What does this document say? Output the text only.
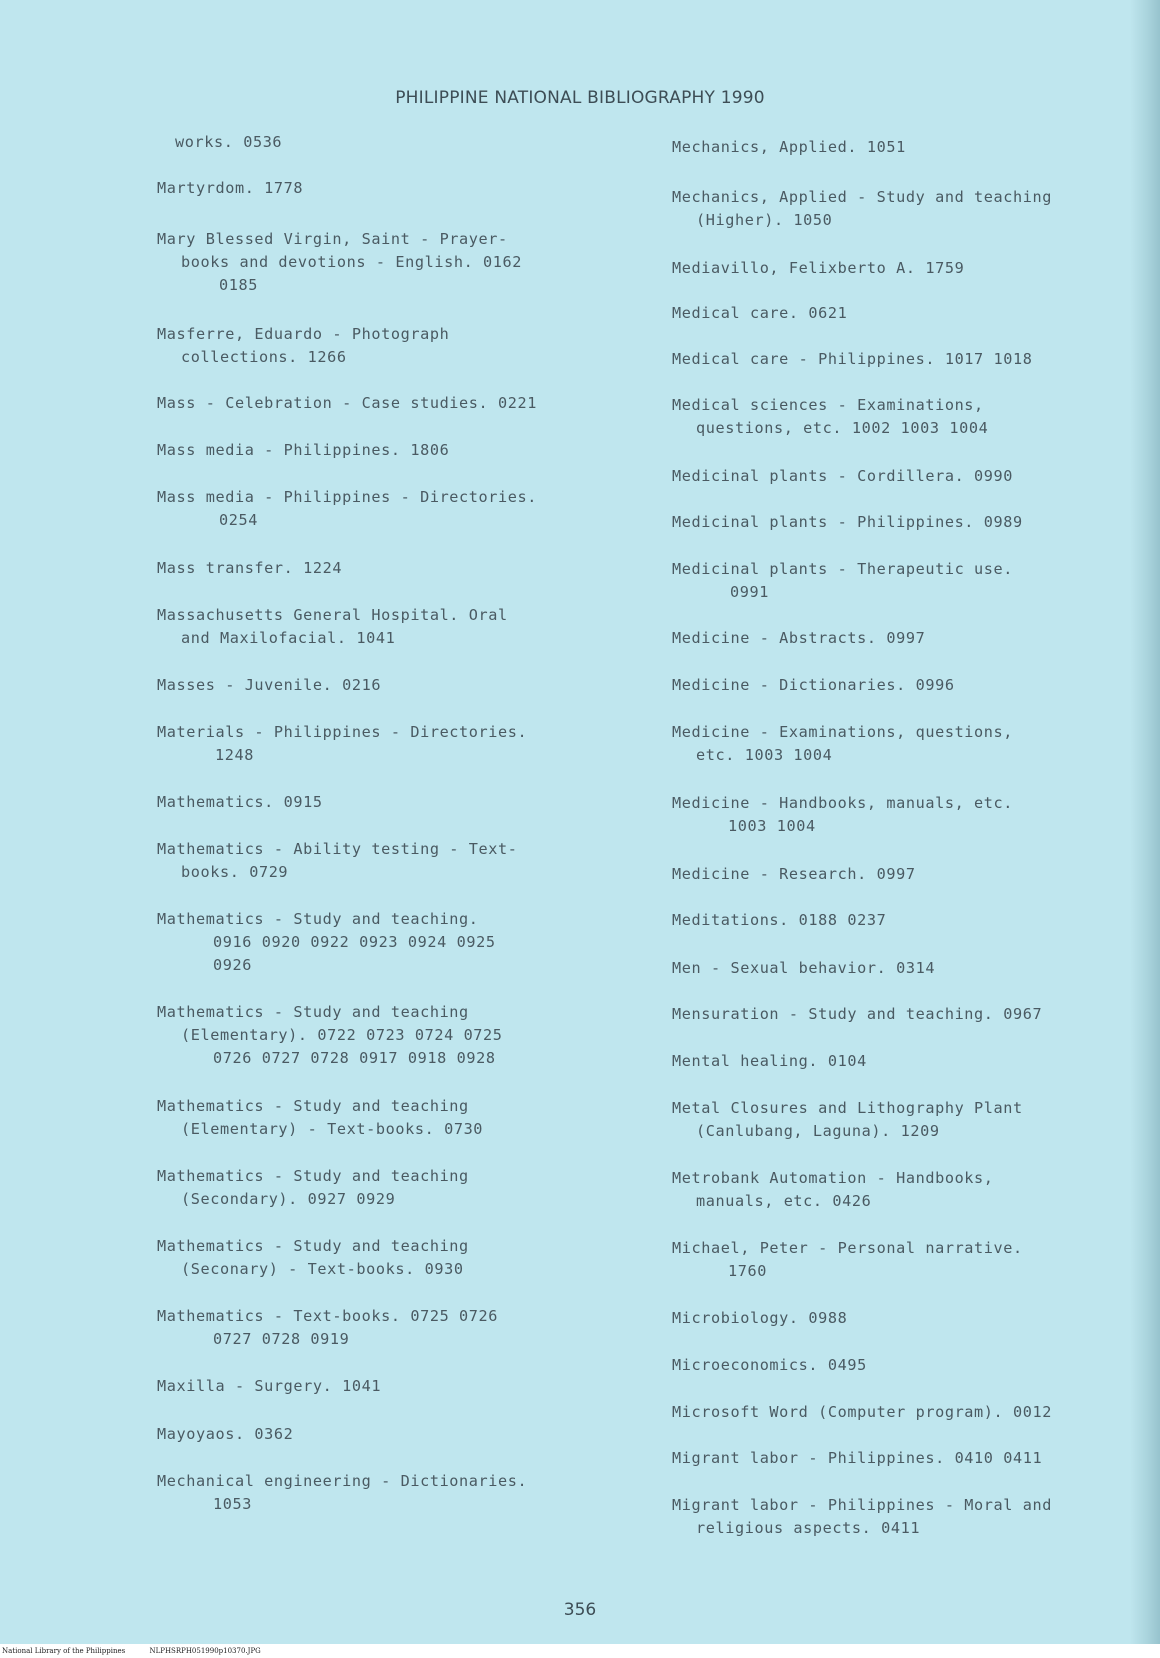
PHILIPPINE NATIONAL BIBLIOGRAPHY 1990
works. 0536
Martyrdom. 1778
Mary Blessed Virgin, Saint - Prayer-
books and devotions - English. 0162
0185
Masferre, Eduardo - Photograph
collections. 1266
Mass - Celebration - Case studies. 0221
Mass media - Philippines. 1806
Mass media - Philippines - Directories.
0254
Mass transfer. 1224
Massachusetts General Hospital. Oral
and Maxilofacial. 1041
Masses - Juvenile. 0216
Materials - Philippines - Directories.
1248
Mathematics. 0915
Mathematics - Ability testing - Text-
books. 0729
Mathematics - Study and teaching.
0916 0920 0922 0923 0924 0925
0926
Mathematics - Study and teaching
(Elementary). 0722 0723 0724 0725
0726 0727 0728 0917 0918 0928
Mathematics - Study and teaching
(Elementary) - Text-books. 0730
Mathematics - Study and teaching
(Secondary). 0927 0929
Mathematics - Study and teaching
(Seconary) - Text-books. 0930
Mathematics - Text-books. 0725 0726
0727 0728 0919
Maxilla - Surgery. 1041
Mayoyaos. 0362
Mechanical engineering - Dictionaries.
1053
Mechanics, Applied. 1051
Mechanics, Applied - Study and teaching
(Higher). 1050
Mediavillo, Felixberto A. 1759
Medical care. 0621
Medical care - Philippines. 1017 1018
Medical sciences - Examinations,
questions, etc. 1002 1003 1004
Medicinal plants - Cordillera. 0990
Medicinal plants - Philippines. 0989
Medicinal plants - Therapeutic use.
0991
Medicine - Abstracts. 0997
Medicine - Dictionaries. 0996
Medicine - Examinations, questions,
etc. 1003 1004
Medicine - Handbooks, manuals, etc.
1003 1004
Medicine - Research. 0997
Meditations. 0188 0237
Men - Sexual behavior. 0314
Mensuration - Study and teaching. 0967
Mental healing. 0104
Metal Closures and Lithography Plant
(Canlubang, Laguna). 1209
Metrobank Automation - Handbooks,
manuals, etc. 0426
Michael, Peter - Personal narrative.
1760
Microbiology. 0988
Microeconomics. 0495
Microsoft Word (Computer program). 0012
Migrant labor - Philippines. 0410 0411
Migrant labor - Philippines - Moral and
religious aspects. 0411
356
National Library of the Philippines	NLPHSRPH051990p10370.JPG
